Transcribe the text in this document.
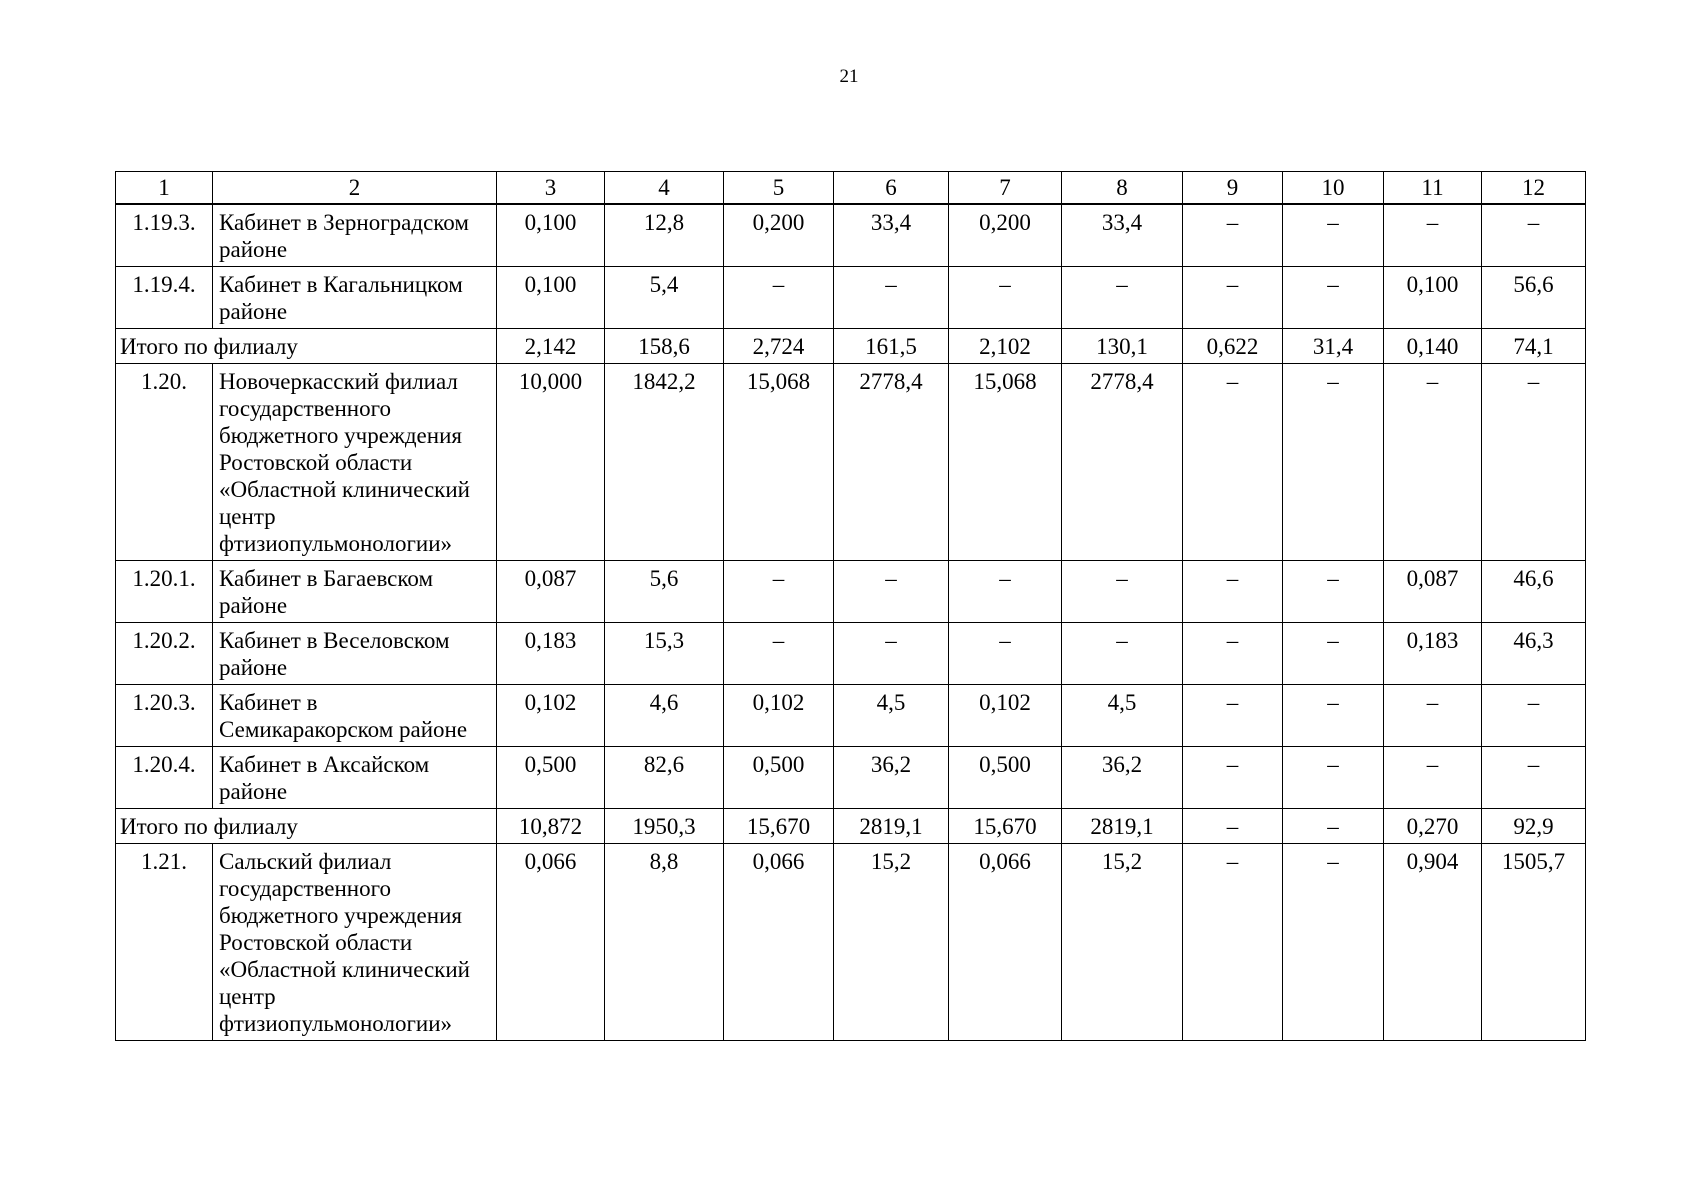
21
1	2	3	4	5	6	7	8	9	10	11	12
1.19.3.	Кабинет в Зерноградском районе	0,100	12,8	0,200	33,4	0,200	33,4	–	–	–	–
1.19.4.	Кабинет в Кагальницком районе	0,100	5,4	–	–	–	–	–	–	0,100	56,6
Итого по филиалу		2,142	158,6	2,724	161,5	2,102	130,1	0,622	31,4	0,140	74,1
1.20.	Новочеркасский филиал государственного бюджетного учреждения Ростовской области «Областной клинический центр фтизиопульмонологии»	10,000	1842,2	15,068	2778,4	15,068	2778,4	–	–	–	–
1.20.1.	Кабинет в Багаевском районе	0,087	5,6	–	–	–	–	–	–	0,087	46,6
1.20.2.	Кабинет в Веселовском районе	0,183	15,3	–	–	–	–	–	–	0,183	46,3
1.20.3.	Кабинет в Семикаракорском районе	0,102	4,6	0,102	4,5	0,102	4,5	–	–	–	–
1.20.4.	Кабинет в Аксайском районе	0,500	82,6	0,500	36,2	0,500	36,2	–	–	–	–
Итого по филиалу		10,872	1950,3	15,670	2819,1	15,670	2819,1	–	–	0,270	92,9
1.21.	Сальский филиал государственного бюджетного учреждения Ростовской области «Областной клинический центр фтизиопульмонологии»	0,066	8,8	0,066	15,2	0,066	15,2	–	–	0,904	1505,7
